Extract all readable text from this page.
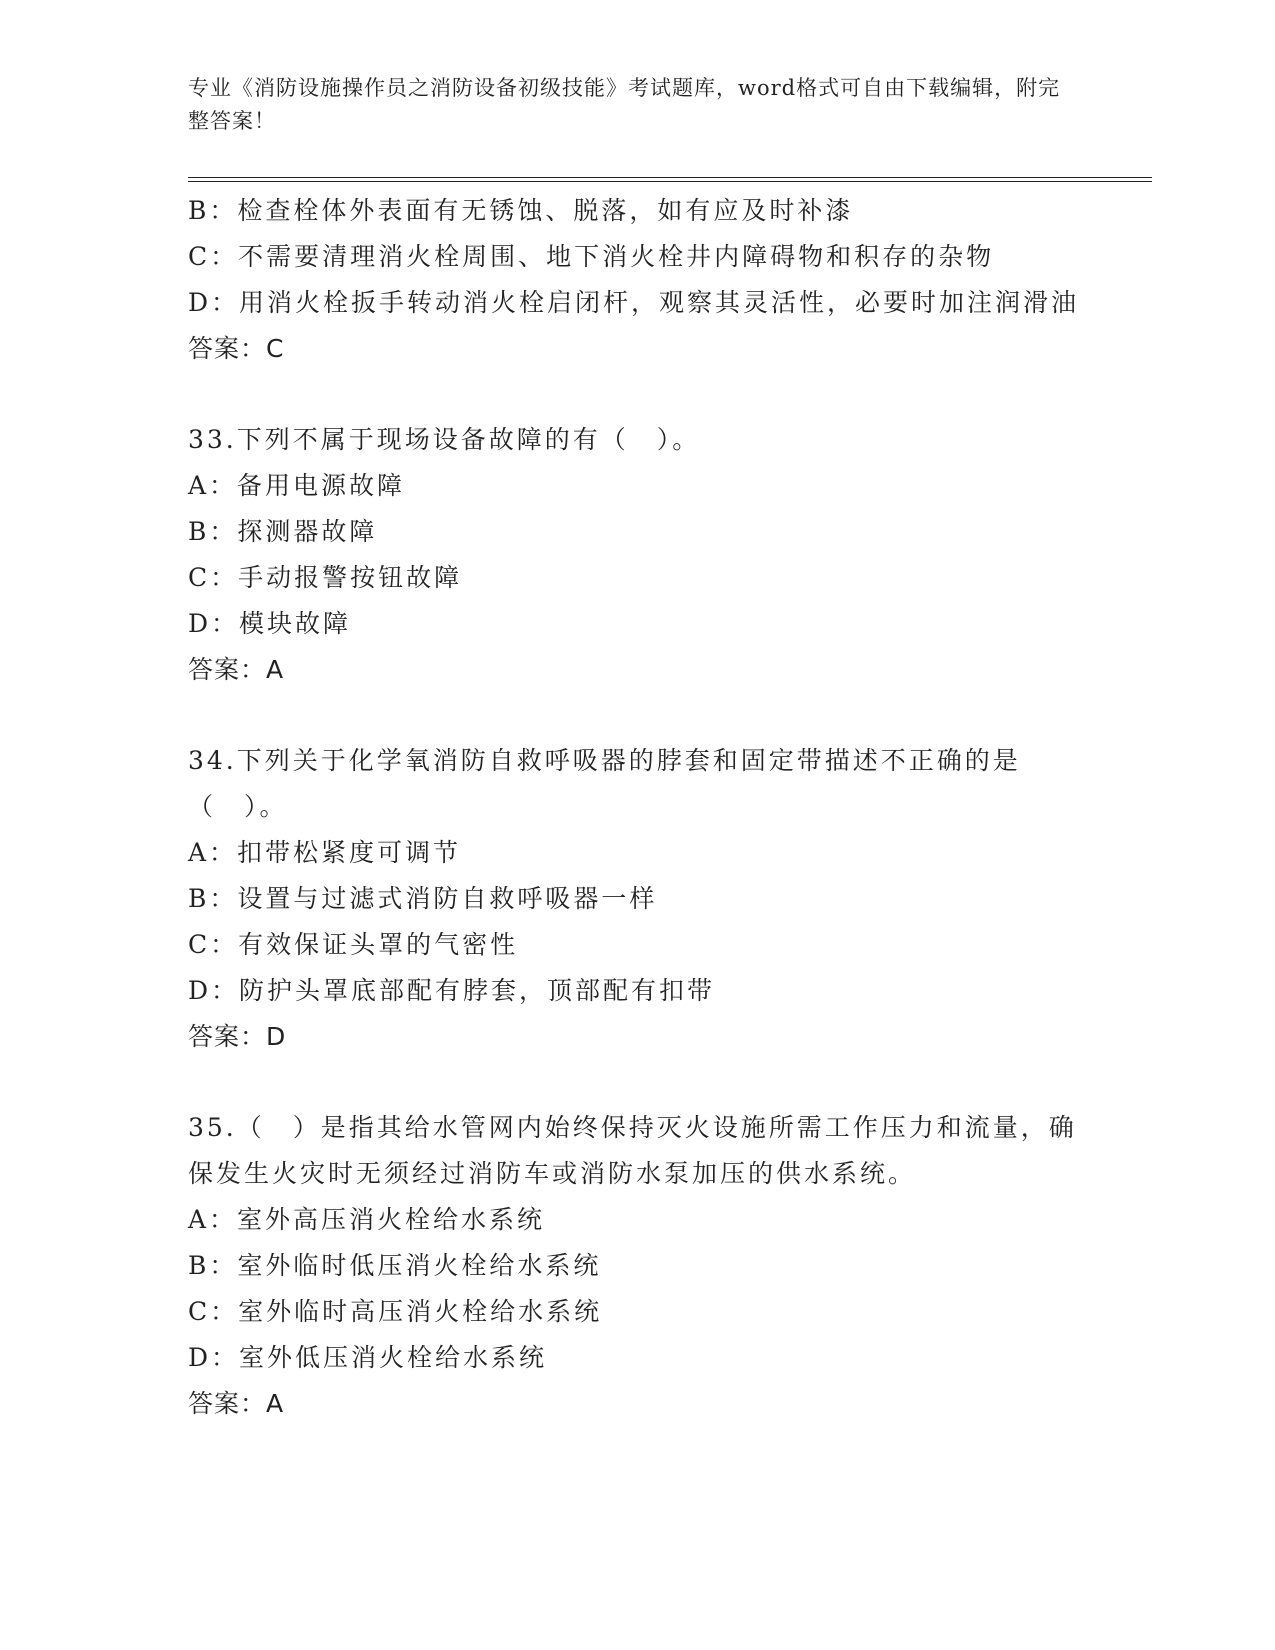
专业《消防设施操作员之消防设备初级技能》考试题库，word格式可自由下载编辑，附完整答案！

B：检查栓体外表面有无锈蚀、脱落，如有应及时补漆

C：不需要清理消火栓周围、地下消火栓井内障碍物和积存的杂物

D：用消火栓扳手转动消火栓启闭杆，观察其灵活性，必要时加注润滑油

答案：C

33.下列不属于现场设备故障的有（　）。

A：备用电源故障

B：探测器故障

C：手动报警按钮故障

D：模块故障

答案：A

34.下列关于化学氧消防自救呼吸器的脖套和固定带描述不正确的是（　）。

A：扣带松紧度可调节

B：设置与过滤式消防自救呼吸器一样

C：有效保证头罩的气密性

D：防护头罩底部配有脖套，顶部配有扣带

答案：D

35.（　）是指其给水管网内始终保持灭火设施所需工作压力和流量，确保发生火灾时无须经过消防车或消防水泵加压的供水系统。

A：室外高压消火栓给水系统

B：室外临时低压消火栓给水系统

C：室外临时高压消火栓给水系统

D：室外低压消火栓给水系统

答案：A
